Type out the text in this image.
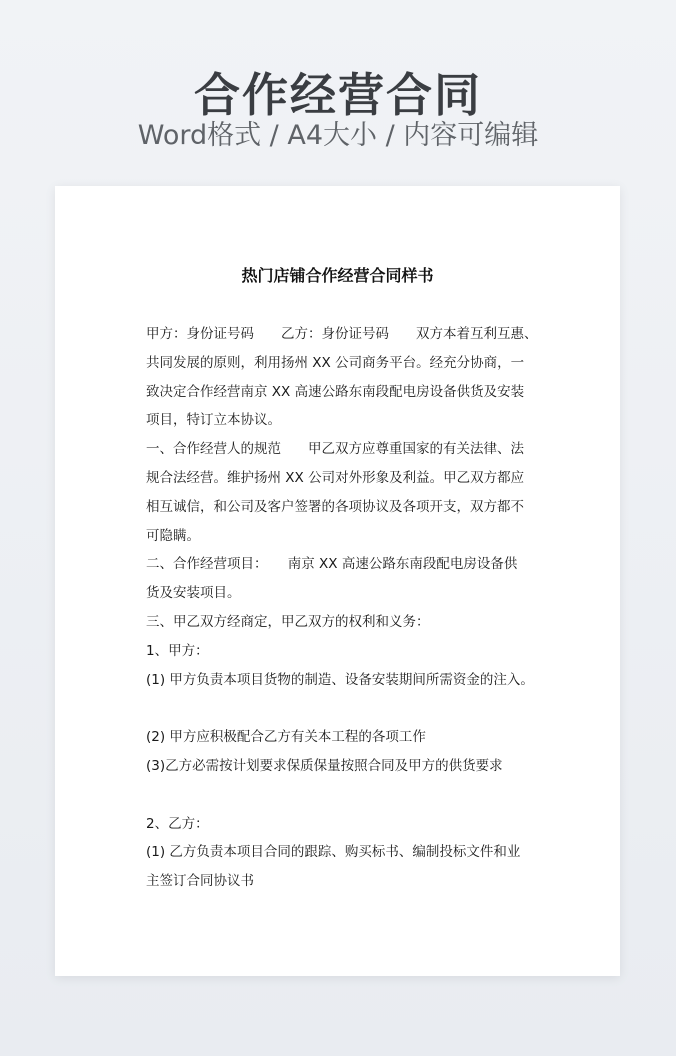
合作经营合同
Word格式 / A4大小 / 内容可编辑
热门店铺合作经营合同样书
甲方：身份证号码　　乙方：身份证号码　　双方本着互利互惠、
共同发展的原则，利用扬州 XX 公司商务平台。经充分协商，一
致决定合作经营南京 XX 高速公路东南段配电房设备供货及安装
项目，特订立本协议。
一、合作经营人的规范　　甲乙双方应尊重国家的有关法律、法
规合法经营。维护扬州 XX 公司对外形象及利益。甲乙双方都应
相互诚信，和公司及客户签署的各项协议及各项开支，双方都不
可隐瞒。
二、合作经营项目：　　南京 XX 高速公路东南段配电房设备供
货及安装项目。
三、甲乙双方经商定，甲乙双方的权利和义务：
1、甲方：
(1) 甲方负责本项目货物的制造、设备安装期间所需资金的注入。
(2) 甲方应积极配合乙方有关本工程的各项工作
(3)乙方必需按计划要求保质保量按照合同及甲方的供货要求
2、乙方：
(1) 乙方负责本项目合同的跟踪、购买标书、编制投标文件和业
主签订合同协议书
